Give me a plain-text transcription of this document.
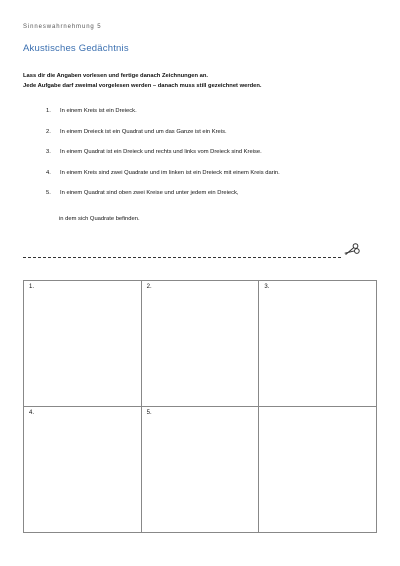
Sinneswahrnehmung 5
Akustisches Gedächtnis
Lass dir die Angaben vorlesen und fertige danach Zeichnungen an.
Jede Aufgabe darf zweimal vorgelesen werden – danach muss still gezeichnet werden.
1.	In einem Kreis ist ein Dreieck.
2.	In einem Dreieck ist ein Quadrat und um das Ganze ist ein Kreis.
3.	In einem Quadrat ist ein Dreieck und rechts und links vom Dreieck sind Kreise.
4.	In einem Kreis sind zwei Quadrate und im linken ist ein Dreieck mit einem Kreis darin.
5.	In einem Quadrat sind oben zwei Kreise und unter jedem ein Dreieck,
in dem sich Quadrate befinden.
1.	2.	3.
4.	5.
